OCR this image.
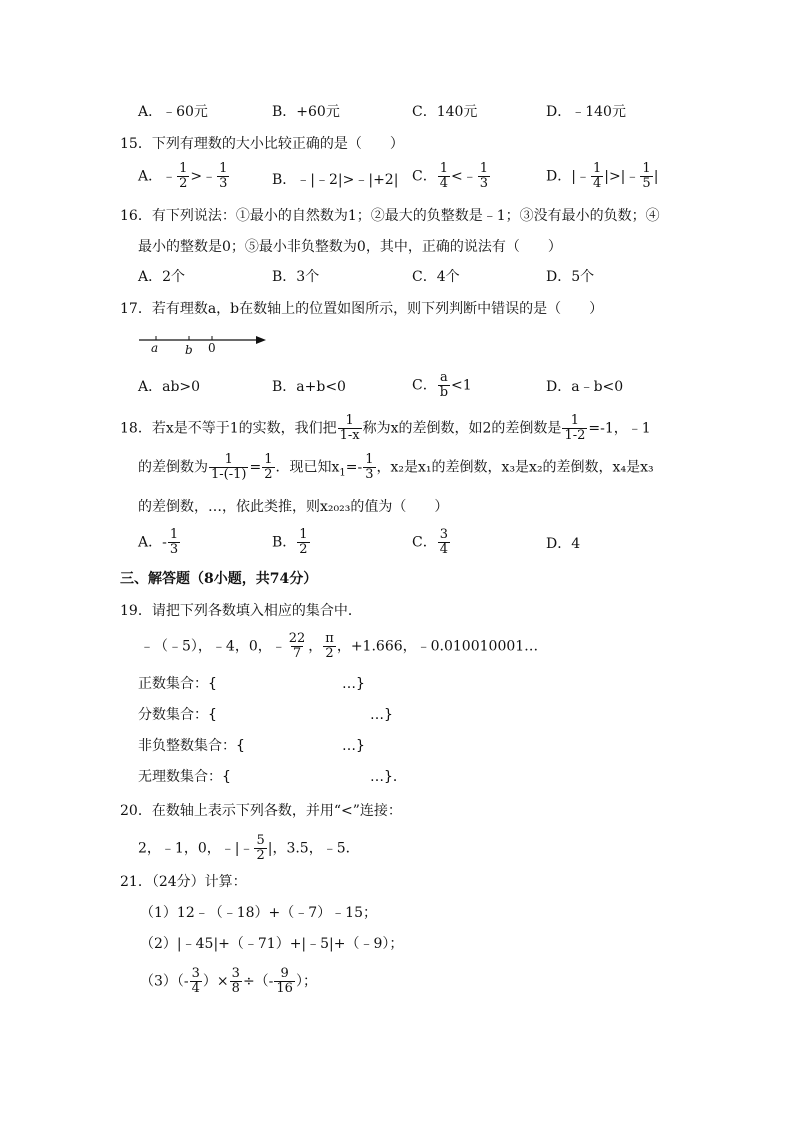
A．﹣60元	B．+60元	C．140元	D．﹣140元
15．下列有理数的大小比较正确的是（　　）
A．﹣ $\frac{1}{2}$ >﹣ $\frac{1}{3}$	B．﹣|﹣2|>﹣|+2| C． $\frac{1}{4}$ <﹣ $\frac{1}{3}$	D．|﹣ $\frac{1}{4}$ |>|﹣ $\frac{1}{5}$ |
16．有下列说法：①最小的自然数为1；②最大的负整数是﹣1；③没有最小的负数；④
最小的整数是0；⑤最小非负整数为0，其中，正确的说法有（　　）
A．2个	B．3个	C．4个	D．5个
17．若有理数a，b在数轴上的位置如图所示，则下列判断中错误的是（　　）
a b 0
A．ab>0	B．a+b<0	C． $\frac{a}{b} <1$	D．a﹣b<0
18．若x是不等于1的实数，我们把 $\frac{1}{1-x}$ 称为x的差倒数，如2的差倒数是 $\frac{1}{1-2} =-1$，﹣1
的差倒数为 $\frac{1}{1-(-1)} = \frac{1}{2}$ ．现已知$x_1=- \frac{1}{3}$ ，x₂是x₁的差倒数，x₃是x₂的差倒数，x₄是x₃
的差倒数，…，依此类推，则x₂₀₂₃的值为（　　）
A．- $\frac{1}{3}$	B． $\frac{1}{2}$	C． $\frac{3}{4}$	D．4
三、解答题（8小题，共74分）
19．请把下列各数填入相应的集合中．
﹣（﹣5），﹣4，0，﹣ $\frac{22}{7}$ ， $\frac{\pi}{2}$ ，+1.666，﹣0.010010001…
正数集合：{	…}
分数集合：{	…}
非负整数集合：{	…}
无理数集合：{	…}．
20．在数轴上表示下列各数，并用“<”连接：
2，﹣1，0，﹣|﹣ $\frac{5}{2}$ |，3.5，﹣5．
21．（24分）计算：
（1）12﹣（﹣18）+（﹣7）﹣15；
（2）|﹣45|+（﹣71）+|﹣5|+（﹣9）；
$(3)(- \frac{3}{4}$ ）× $\frac{3}{8}$ ÷（- $\frac{9}{16}$ ）；
